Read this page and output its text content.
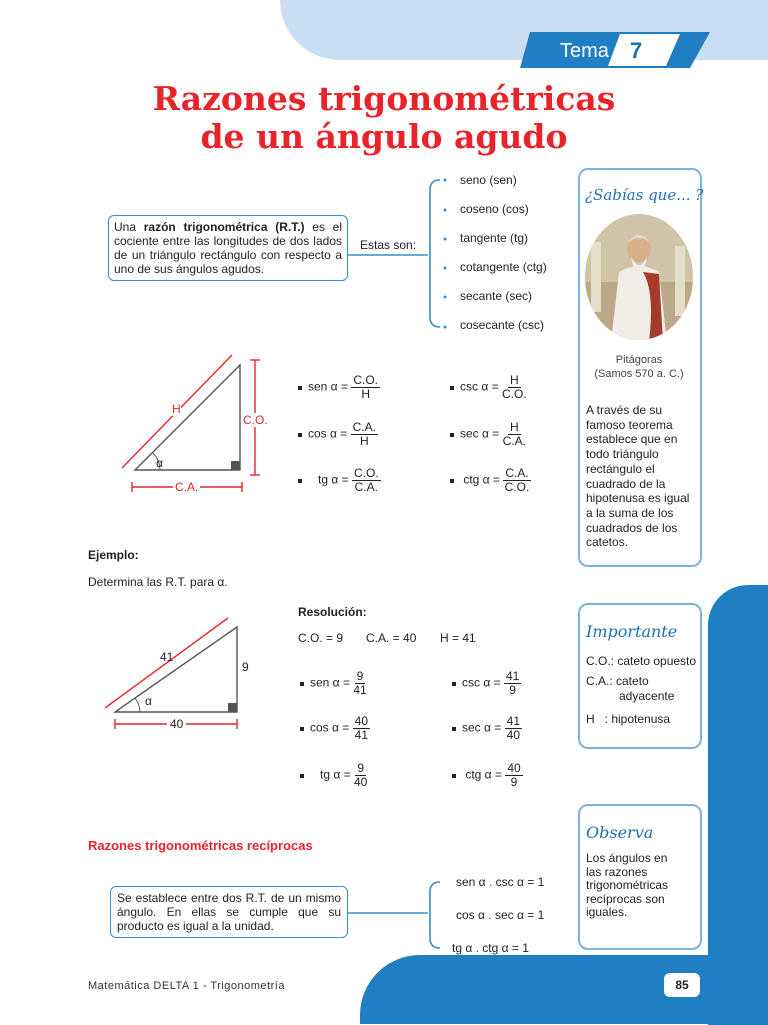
Tema 7
Razones trigonométricas
de un ángulo agudo
Una razón trigonométrica (R.T.) es el cociente entre las longitudes de dos lados de un triángulo rectángulo con respecto a uno de sus ángulos agudos.
Estas son:
seno (sen)
coseno (cos)
tangente (tg)
cotangente (ctg)
secante (sec)
cosecante (csc)
H
C.O.
C.A.
α
sen $\alpha = \frac{C.O.}{H}$
$\cos \alpha = \frac{C.A.}{H}$
tg $\alpha = \frac{C.O.}{C.A.}$
$\csc \alpha = \frac{H}{C.O.}$
$\sec \alpha = \frac{H}{C.A.}$
ctg $\alpha = \frac{C.A.}{C.O.}$
Ejemplo:
Determina las R.T. para α.
41
9
40
α
Resolución:
C.O. = 9 C.A. = 40 H = 41
sen $\alpha = \frac{9}{41}$
$\cos \alpha = \frac{40}{41}$
tg $\alpha = \frac{9}{40}$
$\csc \alpha = \frac{41}{9}$
$\sec \alpha = \frac{41}{40}$
ctg $\alpha = \frac{40}{9}$
Razones trigonométricas recíprocas
Se establece entre dos R.T. de un mismo ángulo. En ellas se cumple que su producto es igual a la unidad.
sen α . csc α = 1
cos α . sec α = 1
tg α . ctg α = 1
¿Sabías que... ?
Pitágoras
(Samos 570 a. C.)
A través de su famoso teorema establece que en todo triángulo rectángulo el cuadrado de la hipotenusa es igual a la suma de los cuadrados de los catetos.
Importante
C.O.: cateto opuesto
C.A.: cateto
adyacente
H   : hipotenusa
Observa
Los ángulos en las razones trigonométricas recíprocas son iguales.
Matemática DELTA 1 - Trigonometría	85
